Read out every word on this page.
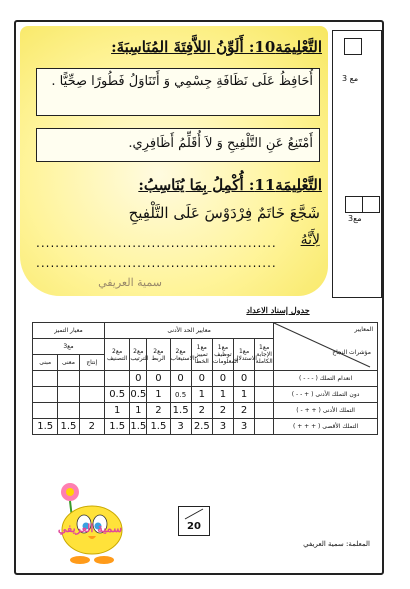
التَّعْلِيمَة10: أَلَوِّنُ اللاَّفِتَةَ المُنَاسِبَةَ:
أُحَافِظُ عَلَى نَظَافَةِ جِسْمِي وَ أَتَنَاوَلُ فَطُورًا صِحِّيًّا .
أَمْتَنِعُ عَنِ التَّلْفِيحِ وَ لاَ أُقَلِّمُ أَظَافِرِي.
التَّعْلِيمَة11: أُكْمِلُ بِمَا يُنَاسِبُ:
شَجَّعَ خَاتَمٌ فِرْدَوْسَ عَلَى التَّلْفِيحِ
لِأَنَّهُ
..................................................
..................................................
سمية العريفي
مع 3
مع3
جدول إسناد الاعداد
معيار التميز			معايير الحد الأدنى								المعايير
مؤشرات النجاح

مع3			مع2 التصنيف	مع2 الترتيب	مع2 الربط	مع2 الاستيعاب	مع1 تمييز الخطأ	مع1 توظيف المعلومات	مع1 الاستدلال	مع1 الإجابة الكاملة	
مبنى	معنى	إنتاج									
				0	0	0	0	0	0		انعدام التملك ( - - - )
			0.5	0.5	1	0.5	1	1	1		دون التملك الأدنى ( + - - )
			1	1	2	1.5	2	2	2		التملك الأدنى ( + + - )
1.5	1.5	2	1.5	1.5	1.5	3	2.5	3	3		التملك الأقصى ( + + + )
سمية العريفي	20
المعلمة: سمية العريفي
